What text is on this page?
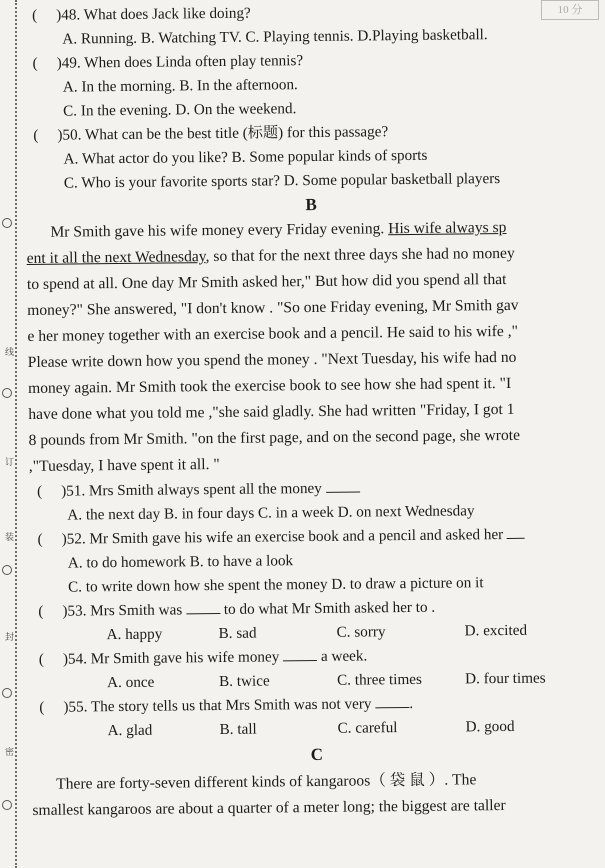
10 分
线
订
装
封
密
( )48. What does Jack like doing?
A. Running. B. Watching TV. C. Playing tennis. D.Playing basketball.
( )49. When does Linda often play tennis?
A. In the morning. B. In the afternoon.
C. In the evening. D. On the weekend.
( )50. What can be the best title (标题) for this passage?
A. What actor do you like? B. Some popular kinds of sports
C. Who is your favorite sports star? D. Some popular basketball players
B
Mr Smith gave his wife money every Friday evening. His wife always sp
ent it all the next Wednesday, so that for the next three days she had no money
to spend at all. One day Mr Smith asked her," But how did you spend all that
money?" She answered, "I don't know . "So one Friday evening, Mr Smith gav
e her money together with an exercise book and a pencil. He said to his wife ,"
Please write down how you spend the money . "Next Tuesday, his wife had no
money again. Mr Smith took the exercise book to see how she had spent it. "I
have done what you told me ,"she said gladly. She had written "Friday, I got 1
8 pounds from Mr Smith. "on the first page, and on the second page, she wrote
,"Tuesday, I have spent it all. "
( )51. Mrs Smith always spent all the money
A. the next day B. in four days C. in a week D. on next Wednesday
( )52. Mr Smith gave his wife an exercise book and a pencil and asked her
A. to do homework B. to have a look
C. to write down how she spent the money D. to draw a picture on it
( )53. Mrs Smith was	to do what Mr Smith asked her to .
A. happy	B. sad	C. sorry	D. excited
( )54. Mr Smith gave his wife money	a week.
A. once	B. twice	C. three times	D. four times
( )55. The story tells us that Mrs Smith was not very .
A. glad	B. tall	C. careful	D. good
C
There are forty-seven different kinds of kangaroos（ 袋 鼠 ）. The
smallest kangaroos are about a quarter of a meter long; the biggest are taller
